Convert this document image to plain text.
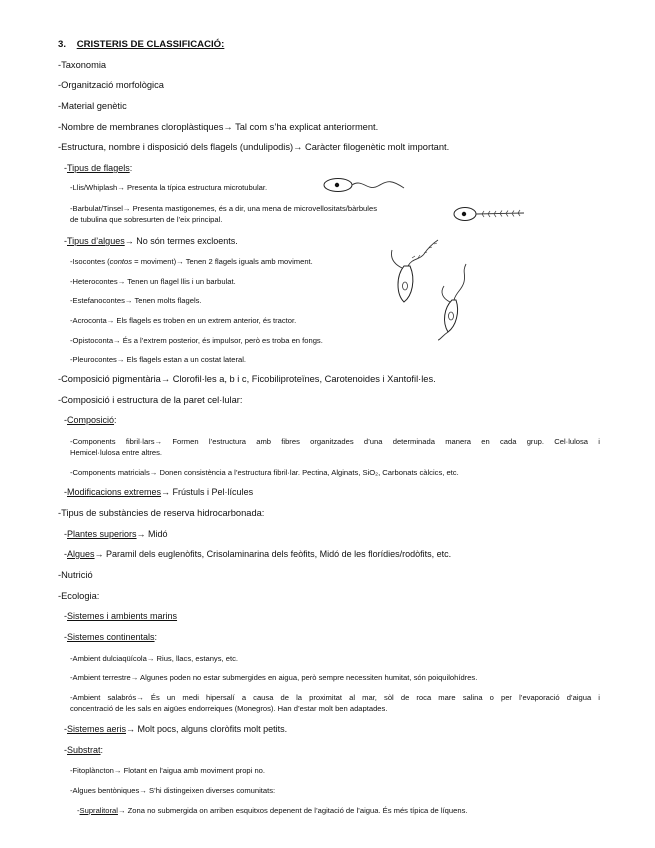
3. CRISTERIS DE CLASSIFICACIÓ:
-Taxonomia
-Organització morfològica
-Material genètic
-Nombre de membranes cloroplàstiques→ Tal com s’ha explicat anteriorment.
-Estructura, nombre i disposició dels flagels (undulipodis)→ Caràcter filogenètic molt important.
-Tipus de flagels:
-Llis/Whiplash→ Presenta la típica estructura microtubular.
-Barbulat/Tinsel→ Presenta mastigonemes, és a dir, una mena de microvellositats/bàrbules
de tubulina que sobresurten de l’eix principal.
-Tipus d’algues→ No són termes excloents.
-Isocontes (contos = moviment)→ Tenen 2 flagels iguals amb moviment.
-Heterocontes→ Tenen un flagel llis i un barbulat.
-Estefanocontes→ Tenen molts flagels.
-Acroconta→ Els flagels es troben en un extrem anterior, és tractor.
-Opistoconta→ És a l’extrem posterior, és impulsor, però es troba en fongs.
-Pleurocontes→ Els flagels estan a un costat lateral.
-Composició pigmentària→ Clorofil·les a, b i c, Ficobiliproteïnes, Carotenoides i Xantofil·les.
-Composició i estructura de la paret cel·lular:
-Composició:
-Components fibril·lars→ Formen l’estructura amb fibres organitzades d’una determinada manera en cada grup. Cel·lulosa i
Hemicel·lulosa entre altres.
-Components matricials→ Donen consistència a l’estructura fibril·lar. Pectina, Alginats, SiO₂, Carbonats càlcics, etc.
-Modificacions extremes→ Frústuls i Pel·lícules
-Tipus de substàncies de reserva hidrocarbonada:
-Plantes superiors→ Midó
-Algues→ Paramil dels euglenòfits, Crisolaminarina dels feòfits, Midó de les florídies/rodòfits, etc.
-Nutrició
-Ecologia:
-Sistemes i ambients marins
-Sistemes continentals:
-Ambient dulciaqüícola→ Rius, llacs, estanys, etc.
-Ambient terrestre→ Algunes poden no estar submergides en aigua, però sempre necessiten humitat, són poiquilohídres.
-Ambient salabrós→ És un medi hipersalí a causa de la proximitat al mar, sòl de roca mare salina o per l’evaporació d’aigua i
concentració de les sals en aigües endorreiques (Monegros). Han d’estar molt ben adaptades.
-Sistemes aeris→ Molt pocs, alguns cloròfits molt petits.
-Substrat:
-Fitoplàncton→ Flotant en l’aigua amb moviment propi no.
-Algues bentòniques→ S’hi distingeixen diverses comunitats:
-Supralitoral→ Zona no submergida on arriben esquitxos depenent de l’agitació de l’aigua. És més típica de líquens.
